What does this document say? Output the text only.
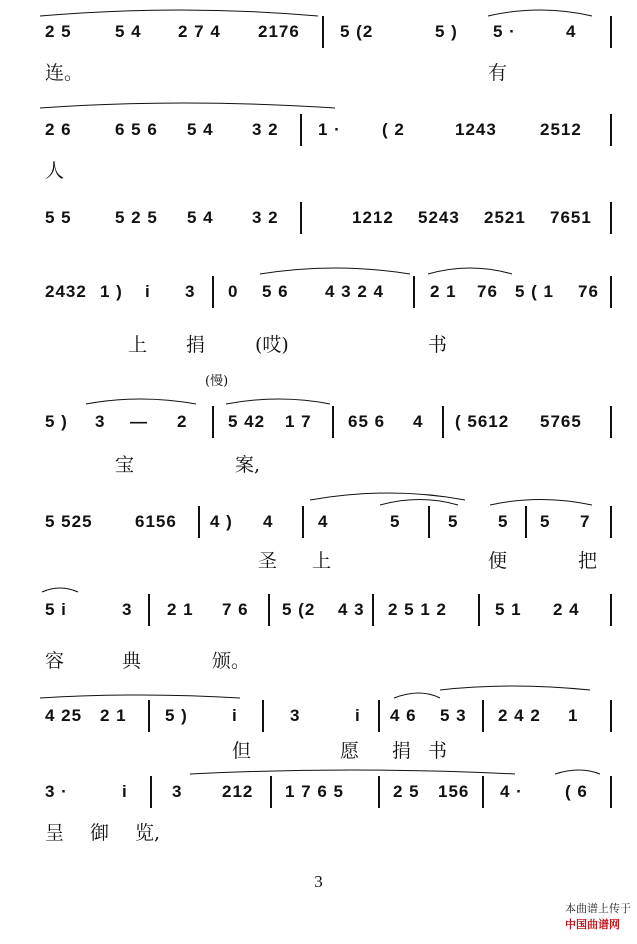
2 5	5 4 2 7 4 2176 5 (2	5 ) 5 ·	4
连。	有
2 6	6 5 6 5 4 3 2 1 · ( 2	1243	2512
人
5 5	5 2 5 5 4 3 2	1212 5243 2521 7651
2432 1 ) i 3 0 5 6 4 3 2 4	2 1 76 5 ( 1 76
上 捐	(哎)	书
(慢)
5 ) 3 — 2 5 42 1 7 65 6 4 ( 5612 5765
宝	案,
5 525 6156 4 ) 4	4	5	5 5 5 7
圣 上	便	把
5 i	3 2 1 7 6 5 (2 4 3 2 5 1 2	5 1 2 4
容	典	颁。
4 25 2 1 5 )	i	3	i 4 6 5 3 2 4 2 1
但	愿 捐 书
3 ·	i	3 212 1 7 6 5	2 5 156 4 · ( 6
呈 御 览,
3

本曲谱上传于
中国曲谱网
